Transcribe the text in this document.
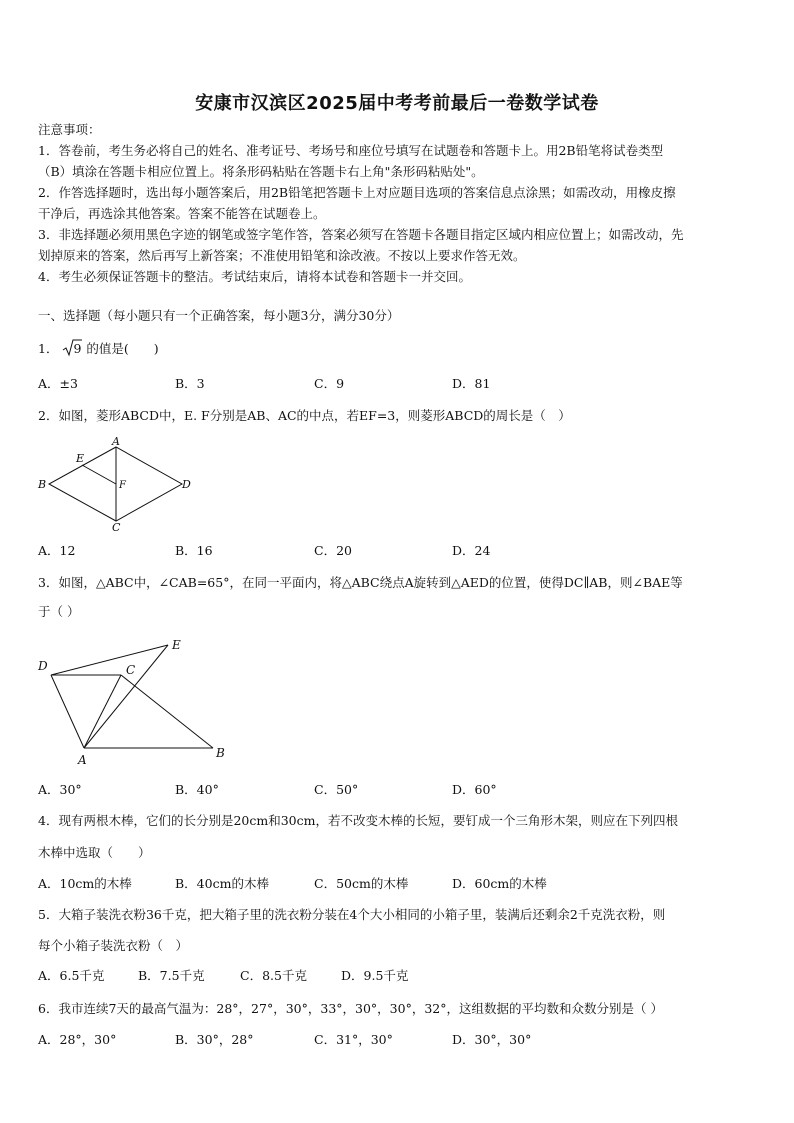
安康市汉滨区2025届中考考前最后一卷数学试卷
注意事项：
1．答卷前，考生务必将自己的姓名、准考证号、考场号和座位号填写在试题卷和答题卡上。用2B铅笔将试卷类型
（B）填涂在答题卡相应位置上。将条形码粘贴在答题卡右上角"条形码粘贴处"。
2．作答选择题时，选出每小题答案后，用2B铅笔把答题卡上对应题目选项的答案信息点涂黑；如需改动，用橡皮擦
干净后，再选涂其他答案。答案不能答在试题卷上。
3．非选择题必须用黑色字迹的钢笔或签字笔作答，答案必须写在答题卡各题目指定区域内相应位置上；如需改动，先
划掉原来的答案，然后再写上新答案；不准使用铅笔和涂改液。不按以上要求作答无效。
4．考生必须保证答题卡的整洁。考试结束后，请将本试卷和答题卡一并交回。
一、选择题（每小题只有一个正确答案，每小题3分，满分30分）
1． 9 的值是(　　)
A．±3	B．3	C．9	D．81
2．如图，菱形ABCD中，E. F分别是AB、AC的中点，若EF=3，则菱形ABCD的周长是（　）
A
B
C
D
E
F
A．12	B．16	C．20	D．24
3．如图，△ABC中，∠CAB=65°，在同一平面内，将△ABC绕点A旋转到△AED的位置，使得DC∥AB，则∠BAE等
于（ ）
D
E
C
A	B
A．30°	B．40°	C．50°	D．60°
4．现有两根木棒，它们的长分别是20cm和30cm，若不改变木棒的长短，要钉成一个三角形木架，则应在下列四根
木棒中选取（　　）
A．10cm的木棒	B．40cm的木棒	C．50cm的木棒	D．60cm的木棒
5．大箱子装洗衣粉36千克，把大箱子里的洗衣粉分装在4个大小相同的小箱子里，装满后还剩余2千克洗衣粉，则
每个小箱子装洗衣粉（　）
A．6.5千克	B．7.5千克	C．8.5千克	D．9.5千克
6．我市连续7天的最高气温为：28°，27°，30°，33°，30°，30°，32°，这组数据的平均数和众数分别是（ ）
A．28°，30°	B．30°，28°	C．31°，30°	D．30°，30°
